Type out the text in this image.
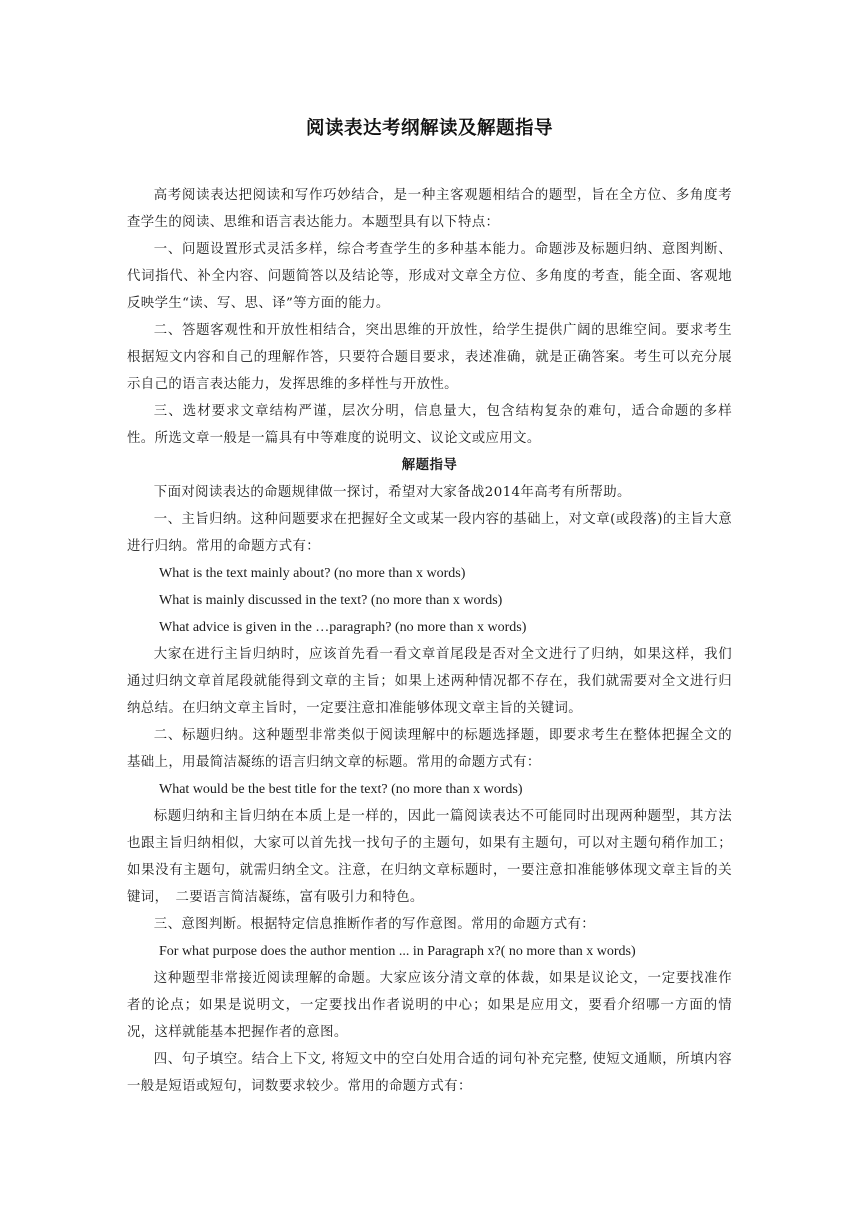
阅读表达考纲解读及解题指导

高考阅读表达把阅读和写作巧妙结合，是一种主客观题相结合的题型，旨在全方位、多角度考查学生的阅读、思维和语言表达能力。本题型具有以下特点：

一、问题设置形式灵活多样，综合考查学生的多种基本能力。命题涉及标题归纳、意图判断、代词指代、补全内容、问题简答以及结论等，形成对文章全方位、多角度的考查，能全面、客观地反映学生“读、写、思、译”等方面的能力。

二、答题客观性和开放性相结合，突出思维的开放性，给学生提供广阔的思维空间。要求考生根据短文内容和自己的理解作答，只要符合题目要求，表述准确，就是正确答案。考生可以充分展示自己的语言表达能力，发挥思维的多样性与开放性。

三、选材要求文章结构严谨，层次分明，信息量大，包含结构复杂的难句，适合命题的多样性。所选文章一般是一篇具有中等难度的说明文、议论文或应用文。

解题指导

下面对阅读表达的命题规律做一探讨，希望对大家备战2014年高考有所帮助。

一、主旨归纳。这种问题要求在把握好全文或某一段内容的基础上，对文章(或段落)的主旨大意进行归纳。常用的命题方式有：

What is the text mainly about? (no more than x words)

What is mainly discussed in the text? (no more than x words)

What advice is given in the …paragraph? (no more than x words)

大家在进行主旨归纳时，应该首先看一看文章首尾段是否对全文进行了归纳，如果这样，我们通过归纳文章首尾段就能得到文章的主旨；如果上述两种情况都不存在，我们就需要对全文进行归纳总结。在归纳文章主旨时，一定要注意扣准能够体现文章主旨的关键词。

二、标题归纳。这种题型非常类似于阅读理解中的标题选择题，即要求考生在整体把握全文的基础上，用最简洁凝练的语言归纳文章的标题。常用的命题方式有：

What would be the best title for the text? (no more than x words)

标题归纳和主旨归纳在本质上是一样的，因此一篇阅读表达不可能同时出现两种题型，其方法也跟主旨归纳相似，大家可以首先找一找句子的主题句，如果有主题句，可以对主题句稍作加工；如果没有主题句，就需归纳全文。注意，在归纳文章标题时，一要注意扣准能够体现文章主旨的关键词，　二要语言简洁凝练，富有吸引力和特色。

三、意图判断。根据特定信息推断作者的写作意图。常用的命题方式有：

For what purpose does the author mention ... in Paragraph x?( no more than x words)

这种题型非常接近阅读理解的命题。大家应该分清文章的体裁，如果是议论文，一定要找准作者的论点；如果是说明文，一定要找出作者说明的中心；如果是应用文，要看介绍哪一方面的情况，这样就能基本把握作者的意图。

四、句子填空。结合上下文, 将短文中的空白处用合适的词句补充完整, 使短文通顺，所填内容一般是短语或短句，词数要求较少。常用的命题方式有：
